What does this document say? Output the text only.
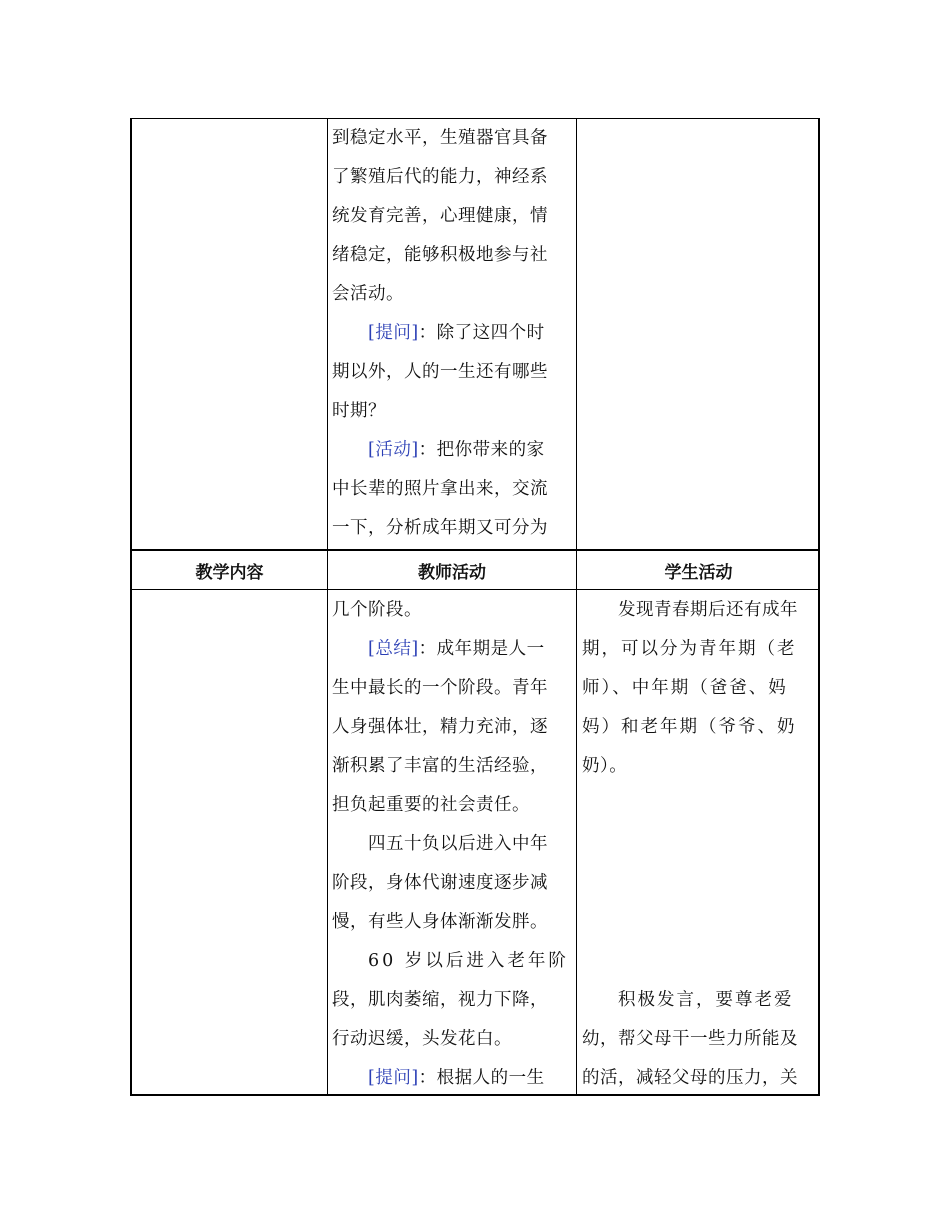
到稳定水平，生殖器官具备

了繁殖后代的能力，神经系

统发育完善，心理健康，情

绪稳定，能够积极地参与社

会活动。

[提问]：除了这四个时

期以外，人的一生还有哪些

时期？

[活动]：把你带来的家

中长辈的照片拿出来，交流

一下，分析成年期又可分为

教学内容	教师活动	学生活动

几个阶段。

[总结]：成年期是人一

生中最长的一个阶段。青年

人身强体壮，精力充沛，逐

渐积累了丰富的生活经验，

担负起重要的社会责任。

四五十负以后进入中年

阶段，身体代谢速度逐步减

慢，有些人身体渐渐发胖。

60 岁以后进入老年阶

段，肌肉萎缩，视力下降，

行动迟缓，头发花白。

[提问]：根据人的一生

发现青春期后还有成年

期，可以分为青年期（老

师）、中年期（爸爸、妈

妈）和老年期（爷爷、奶

奶）。

积极发言，要尊老爱

幼，帮父母干一些力所能及

的活，减轻父母的压力，关
